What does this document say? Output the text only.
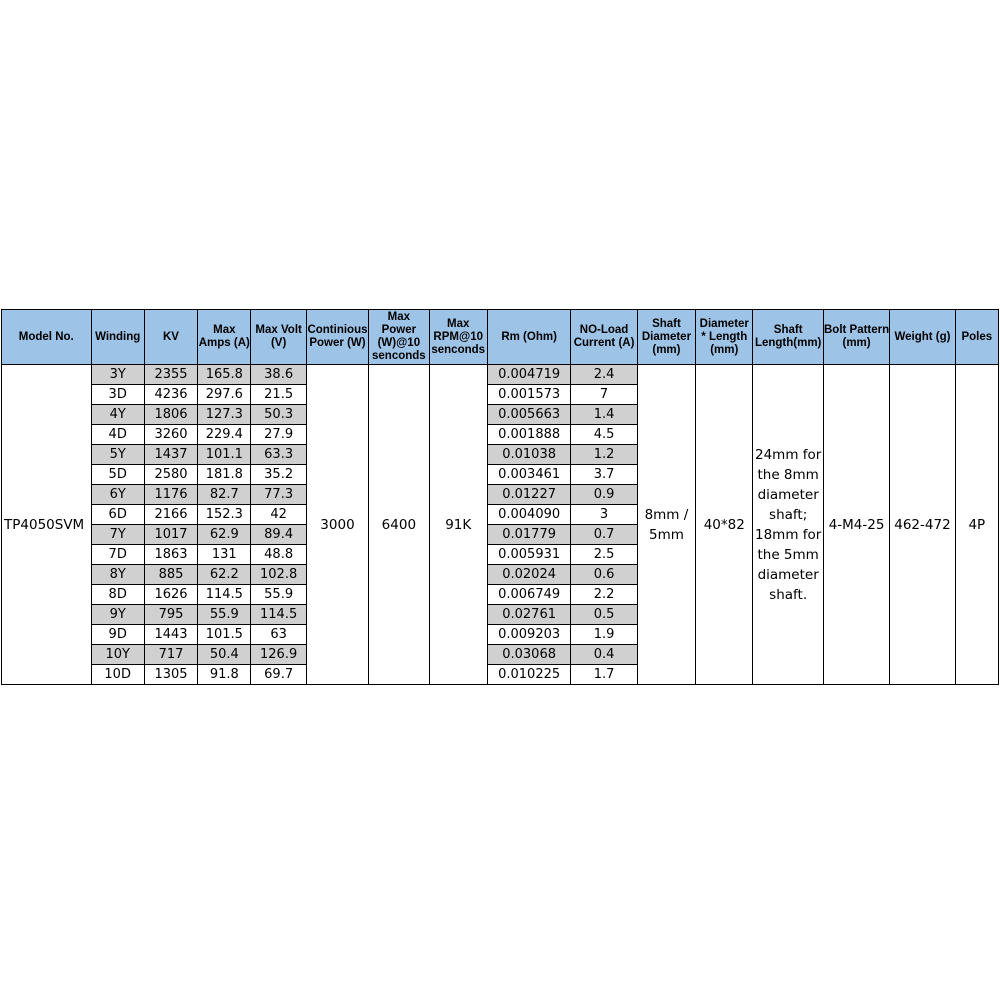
Model No.	Winding	KV	Max Amps (A)	Max Volt (V)	Continious Power (W)	Max Power (W)@10 senconds	Max RPM@10 senconds	Rm (Ohm)	NO-Load Current (A)	Shaft Diameter (mm)	Diameter * Length (mm)	Shaft Length(mm)	Bolt Pattern (mm)	Weight (g)	Poles
TP4050SVM	3Y	2355	165.8	38.6	3000	6400	91K	0.004719	2.4	8mm / 5mm	40*82	24mm for the 8mm diameter shaft; 18mm for the 5mm diameter shaft.	4-M4-25	462-472	4P
	3D	4236	297.6	21.5				0.001573	7						
	4Y	1806	127.3	50.3				0.005663	1.4						
	4D	3260	229.4	27.9				0.001888	4.5						
	5Y	1437	101.1	63.3				0.01038	1.2						
	5D	2580	181.8	35.2				0.003461	3.7						
	6Y	1176	82.7	77.3				0.01227	0.9						
	6D	2166	152.3	42				0.004090	3						
	7Y	1017	62.9	89.4				0.01779	0.7						
	7D	1863	131	48.8				0.005931	2.5						
	8Y	885	62.2	102.8				0.02024	0.6						
	8D	1626	114.5	55.9				0.006749	2.2						
	9Y	795	55.9	114.5				0.02761	0.5						
	9D	1443	101.5	63				0.009203	1.9						
	10Y	717	50.4	126.9				0.03068	0.4						
	10D	1305	91.8	69.7				0.010225	1.7						
